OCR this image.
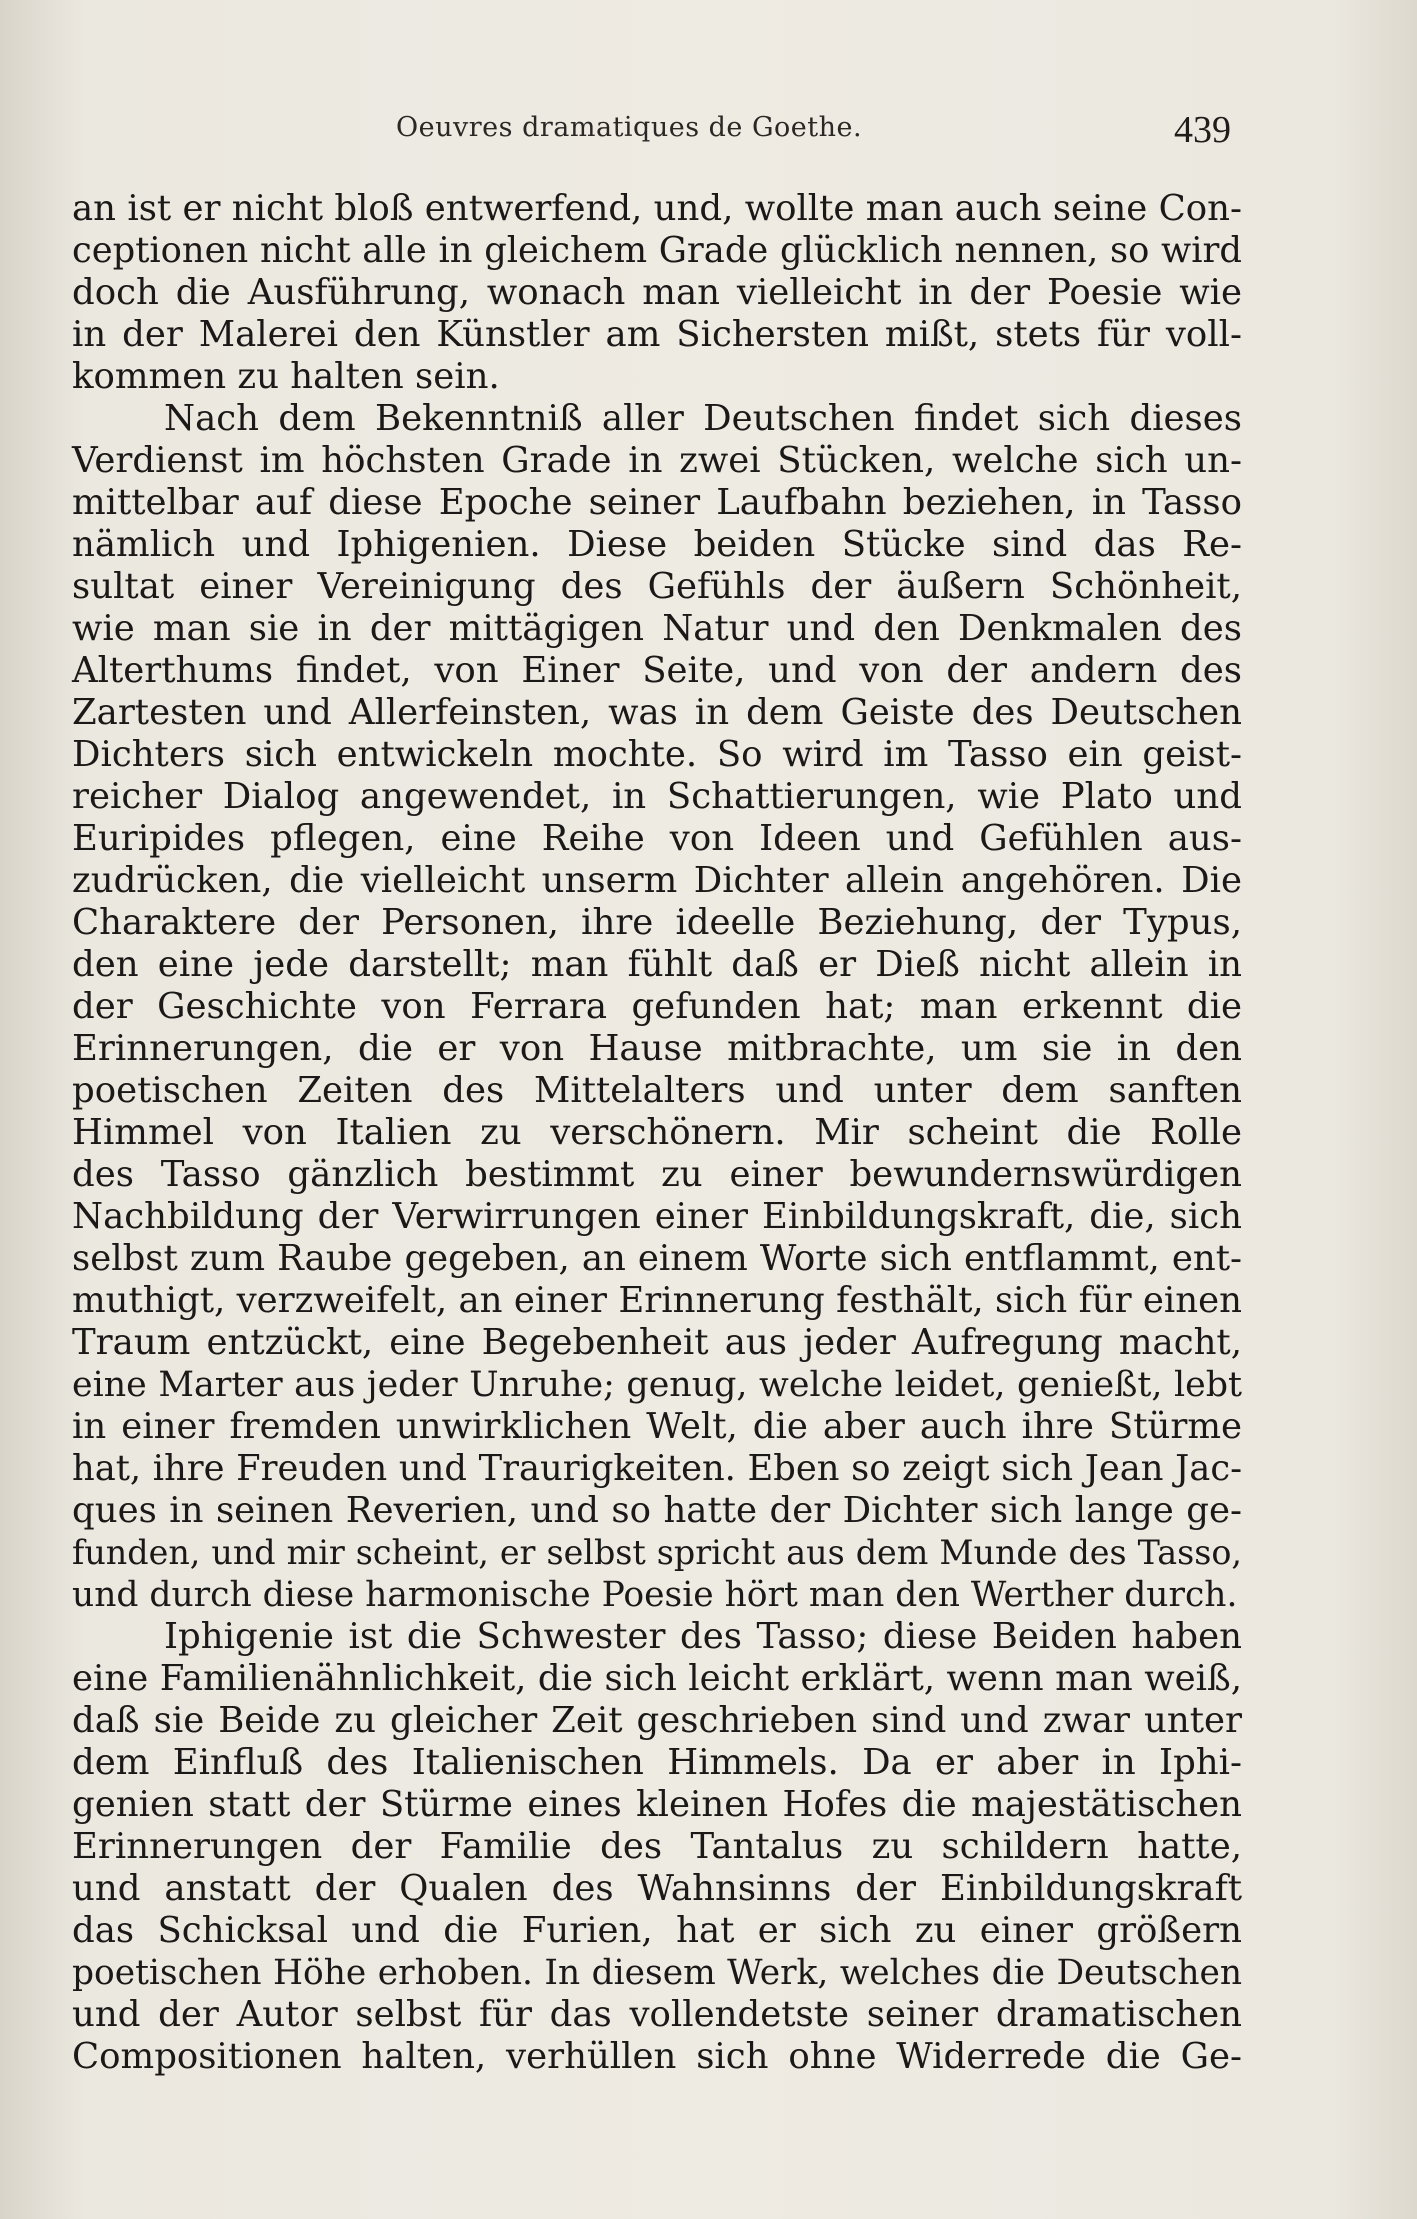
Oeuvres dramatiques de Goethe.	439
an ist er nicht bloß entwerfend, und, wollte man auch seine Con-
ceptionen nicht alle in gleichem Grade glücklich nennen, so wird
doch die Ausführung, wonach man vielleicht in der Poesie wie
in der Malerei den Künstler am Sichersten mißt, stets für voll-
kommen zu halten sein.
Nach dem Bekenntniß aller Deutschen findet sich dieses
Verdienst im höchsten Grade in zwei Stücken, welche sich un-
mittelbar auf diese Epoche seiner Laufbahn beziehen, in Tasso
nämlich und Iphigenien. Diese beiden Stücke sind das Re-
sultat einer Vereinigung des Gefühls der äußern Schönheit,
wie man sie in der mittägigen Natur und den Denkmalen des
Alterthums findet, von Einer Seite, und von der andern des
Zartesten und Allerfeinsten, was in dem Geiste des Deutschen
Dichters sich entwickeln mochte. So wird im Tasso ein geist-
reicher Dialog angewendet, in Schattierungen, wie Plato und
Euripides pflegen, eine Reihe von Ideen und Gefühlen aus-
zudrücken, die vielleicht unserm Dichter allein angehören. Die
Charaktere der Personen, ihre ideelle Beziehung, der Typus,
den eine jede darstellt; man fühlt daß er Dieß nicht allein in
der Geschichte von Ferrara gefunden hat; man erkennt die
Erinnerungen, die er von Hause mitbrachte, um sie in den
poetischen Zeiten des Mittelalters und unter dem sanften
Himmel von Italien zu verschönern. Mir scheint die Rolle
des Tasso gänzlich bestimmt zu einer bewundernswürdigen
Nachbildung der Verwirrungen einer Einbildungskraft, die, sich
selbst zum Raube gegeben, an einem Worte sich entflammt, ent-
muthigt, verzweifelt, an einer Erinnerung festhält, sich für einen
Traum entzückt, eine Begebenheit aus jeder Aufregung macht,
eine Marter aus jeder Unruhe; genug, welche leidet, genießt, lebt
in einer fremden unwirklichen Welt, die aber auch ihre Stürme
hat, ihre Freuden und Traurigkeiten. Eben so zeigt sich Jean Jac-
ques in seinen Reverien, und so hatte der Dichter sich lange ge-
funden, und mir scheint, er selbst spricht aus dem Munde des Tasso,
und durch diese harmonische Poesie hört man den Werther durch.
Iphigenie ist die Schwester des Tasso; diese Beiden haben
eine Familienähnlichkeit, die sich leicht erklärt, wenn man weiß,
daß sie Beide zu gleicher Zeit geschrieben sind und zwar unter
dem Einfluß des Italienischen Himmels. Da er aber in Iphi-
genien statt der Stürme eines kleinen Hofes die majestätischen
Erinnerungen der Familie des Tantalus zu schildern hatte,
und anstatt der Qualen des Wahnsinns der Einbildungskraft
das Schicksal und die Furien, hat er sich zu einer größern
poetischen Höhe erhoben. In diesem Werk, welches die Deutschen
und der Autor selbst für das vollendetste seiner dramatischen
Compositionen halten, verhüllen sich ohne Widerrede die Ge-
